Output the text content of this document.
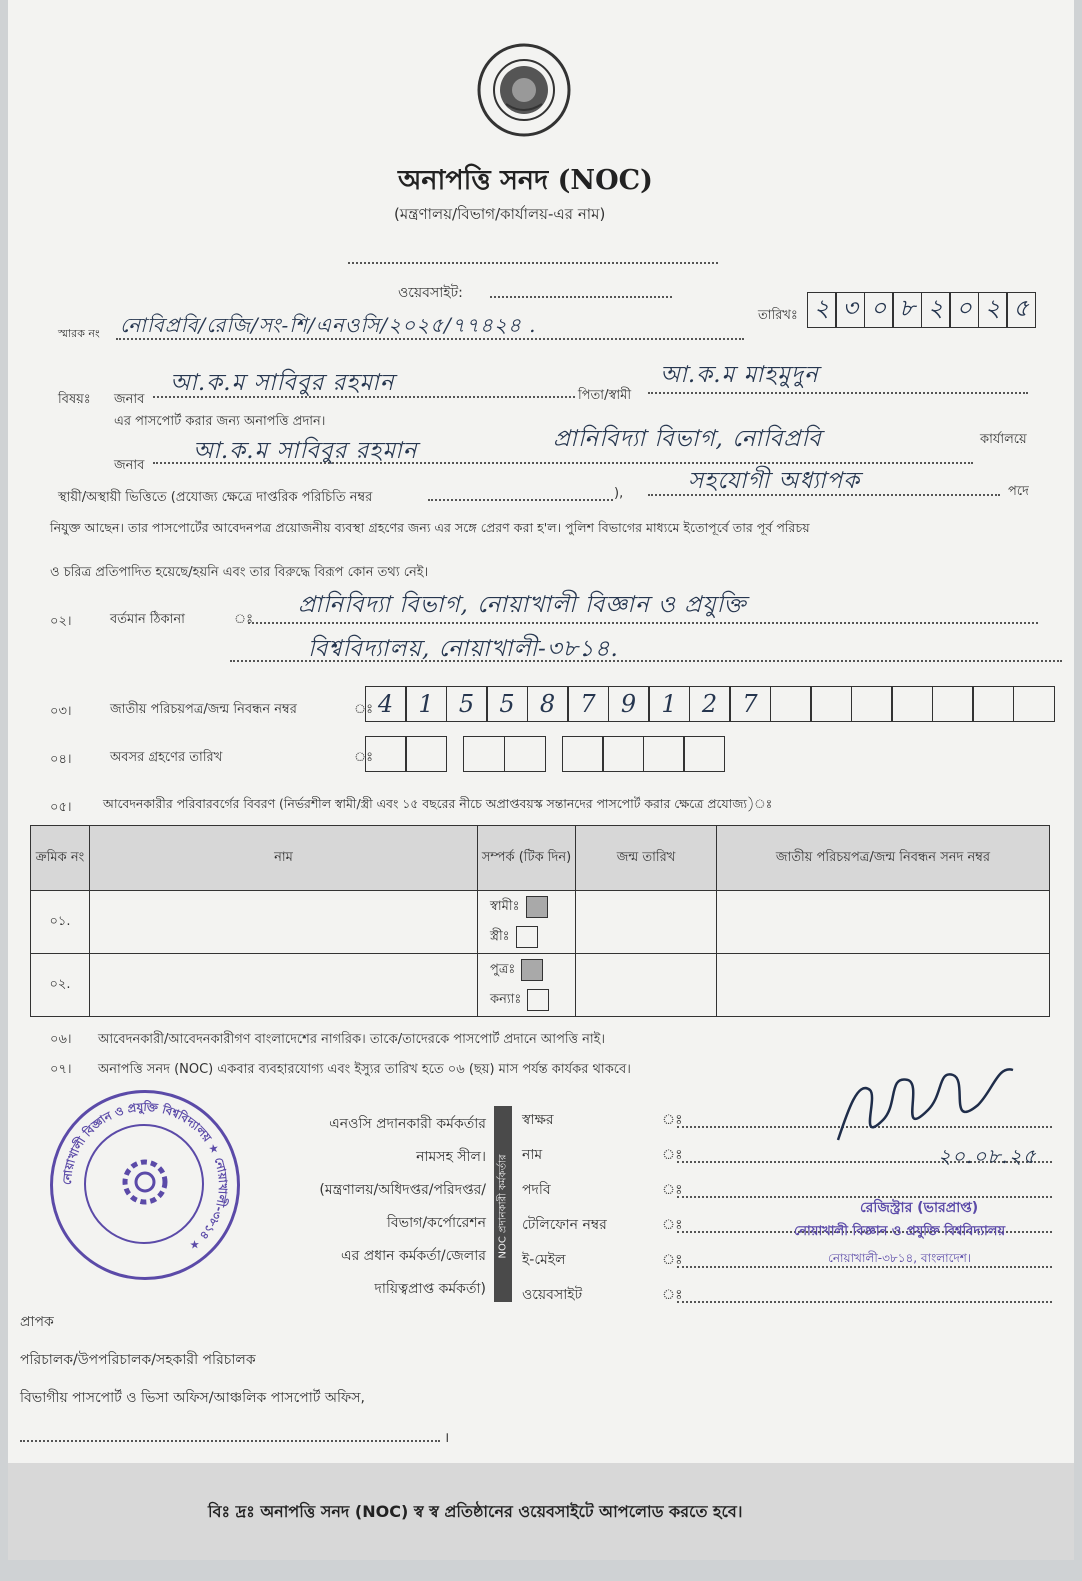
অনাপত্তি সনদ (NOC)
(মন্ত্রণালয়/বিভাগ/কার্যালয়-এর নাম)
ওয়েবসাইট:
স্মারক নং নোবিপ্রবি/রেজি/সং-শি/এনওসি/২০২৫/৭৭৪২৪ .	তারিখঃ ২ ৩ ০ ৮ ২ ০ ২ ৫
বিষয়ঃ জনাব
আ.ক.ম সাবিবুর রহমান	পিতা/স্বামী
আ.ক.ম মাহমুদুন
এর পাসপোর্ট করার জন্য অনাপত্তি প্রদান।
জনাব
আ.ক.ম সাবিবুর রহমান	প্রানিবিদ্যা বিভাগ, নোবিপ্রবি	কার্যালয়ে
স্থায়ী/অস্থায়ী ভিত্তিতে (প্রযোজ্য ক্ষেত্রে দাপ্তরিক পরিচিতি নম্বর	),	সহযোগী অধ্যাপক	পদে
নিযুক্ত আছেন। তার পাসপোর্টের আবেদনপত্র প্রয়োজনীয় ব্যবস্থা গ্রহণের জন্য এর সঙ্গে প্রেরণ করা হ'ল। পুলিশ বিভাগের মাধ্যমে ইতোপূর্বে তার পূর্ব পরিচয়
ও চরিত্র প্রতিপাদিত হয়েছে/হয়নি এবং তার বিরুদ্ধে বিরূপ কোন তথ্য নেই।
০২।	বর্তমান ঠিকানা	ঃ
প্রানিবিদ্যা বিভাগ, নোয়াখালী বিজ্ঞান ও প্রযুক্তি
বিশ্ববিদ্যালয়, নোয়াখালী-৩৮১৪.
০৩।	জাতীয় পরিচয়পত্র/জন্ম নিবন্ধন নম্বর	ঃ 4	1	5	5	8	7	9	1	2	7
০৪।	অবসর গ্রহণের তারিখ	ঃ
০৫।	আবেদনকারীর পরিবারবর্গের বিবরণ (নির্ভরশীল স্বামী/স্ত্রী এবং ১৫ বছরের নীচে অপ্রাপ্তবয়স্ক সন্তানদের পাসপোর্ট করার ক্ষেত্রে প্রযোজ্য)ঃ
ক্রমিক নং	নাম	সম্পর্ক (টিক দিন)	জন্ম তারিখ	জাতীয় পরিচয়পত্র/জন্ম নিবন্ধন সনদ নম্বর
০১.		স্বামীঃ
স্ত্রীঃ		

০২.		পুত্রঃ
কন্যাঃ		

০৬। আবেদনকারী/আবেদনকারীগণ বাংলাদেশের নাগরিক। তাকে/তাদেরকে পাসপোর্ট প্রদানে আপত্তি নাই।
০৭। অনাপত্তি সনদ (NOC) একবার ব্যবহারযোগ্য এবং ইস্যুর তারিখ হতে ০৬ (ছয়) মাস পর্যন্ত কার্যকর থাকবে।
নোয়াখালী বিজ্ঞান ও প্রযুক্তি বিশ্ববিদ্যালয় ★ নোয়াখালী-৩৮১৪ ★
এনওসি প্রদানকারী কর্মকর্তার
নামসহ সীল।
(মন্ত্রণালয়/অধিদপ্তর/পরিদপ্তর/
বিভাগ/কর্পোরেশন
এর প্রধান কর্মকর্তা/জেলার
দায়িত্বপ্রাপ্ত কর্মকর্তা)
NOC প্রদানকারী কর্মকর্তার
স্বাক্ষর	ঃ
নাম	ঃ
পদবি	ঃ
টেলিফোন নম্বর	ঃ
ই-মেইল	ঃ
ওয়েবসাইট	ঃ
২০.০৮.২৫
রেজিস্ট্রার (ভারপ্রাপ্ত)
নোয়াখালী বিজ্ঞান ও প্রযুক্তি বিশ্ববিদ্যালয়
নোয়াখালী-৩৮১৪, বাংলাদেশ।
প্রাপক
পরিচালক/উপপরিচালক/সহকারী পরিচালক
বিভাগীয় পাসপোর্ট ও ভিসা অফিস/আঞ্চলিক পাসপোর্ট অফিস,
।
বিঃ দ্রঃ অনাপত্তি সনদ (NOC) স্ব স্ব প্রতিষ্ঠানের ওয়েবসাইটে আপলোড করতে হবে।
